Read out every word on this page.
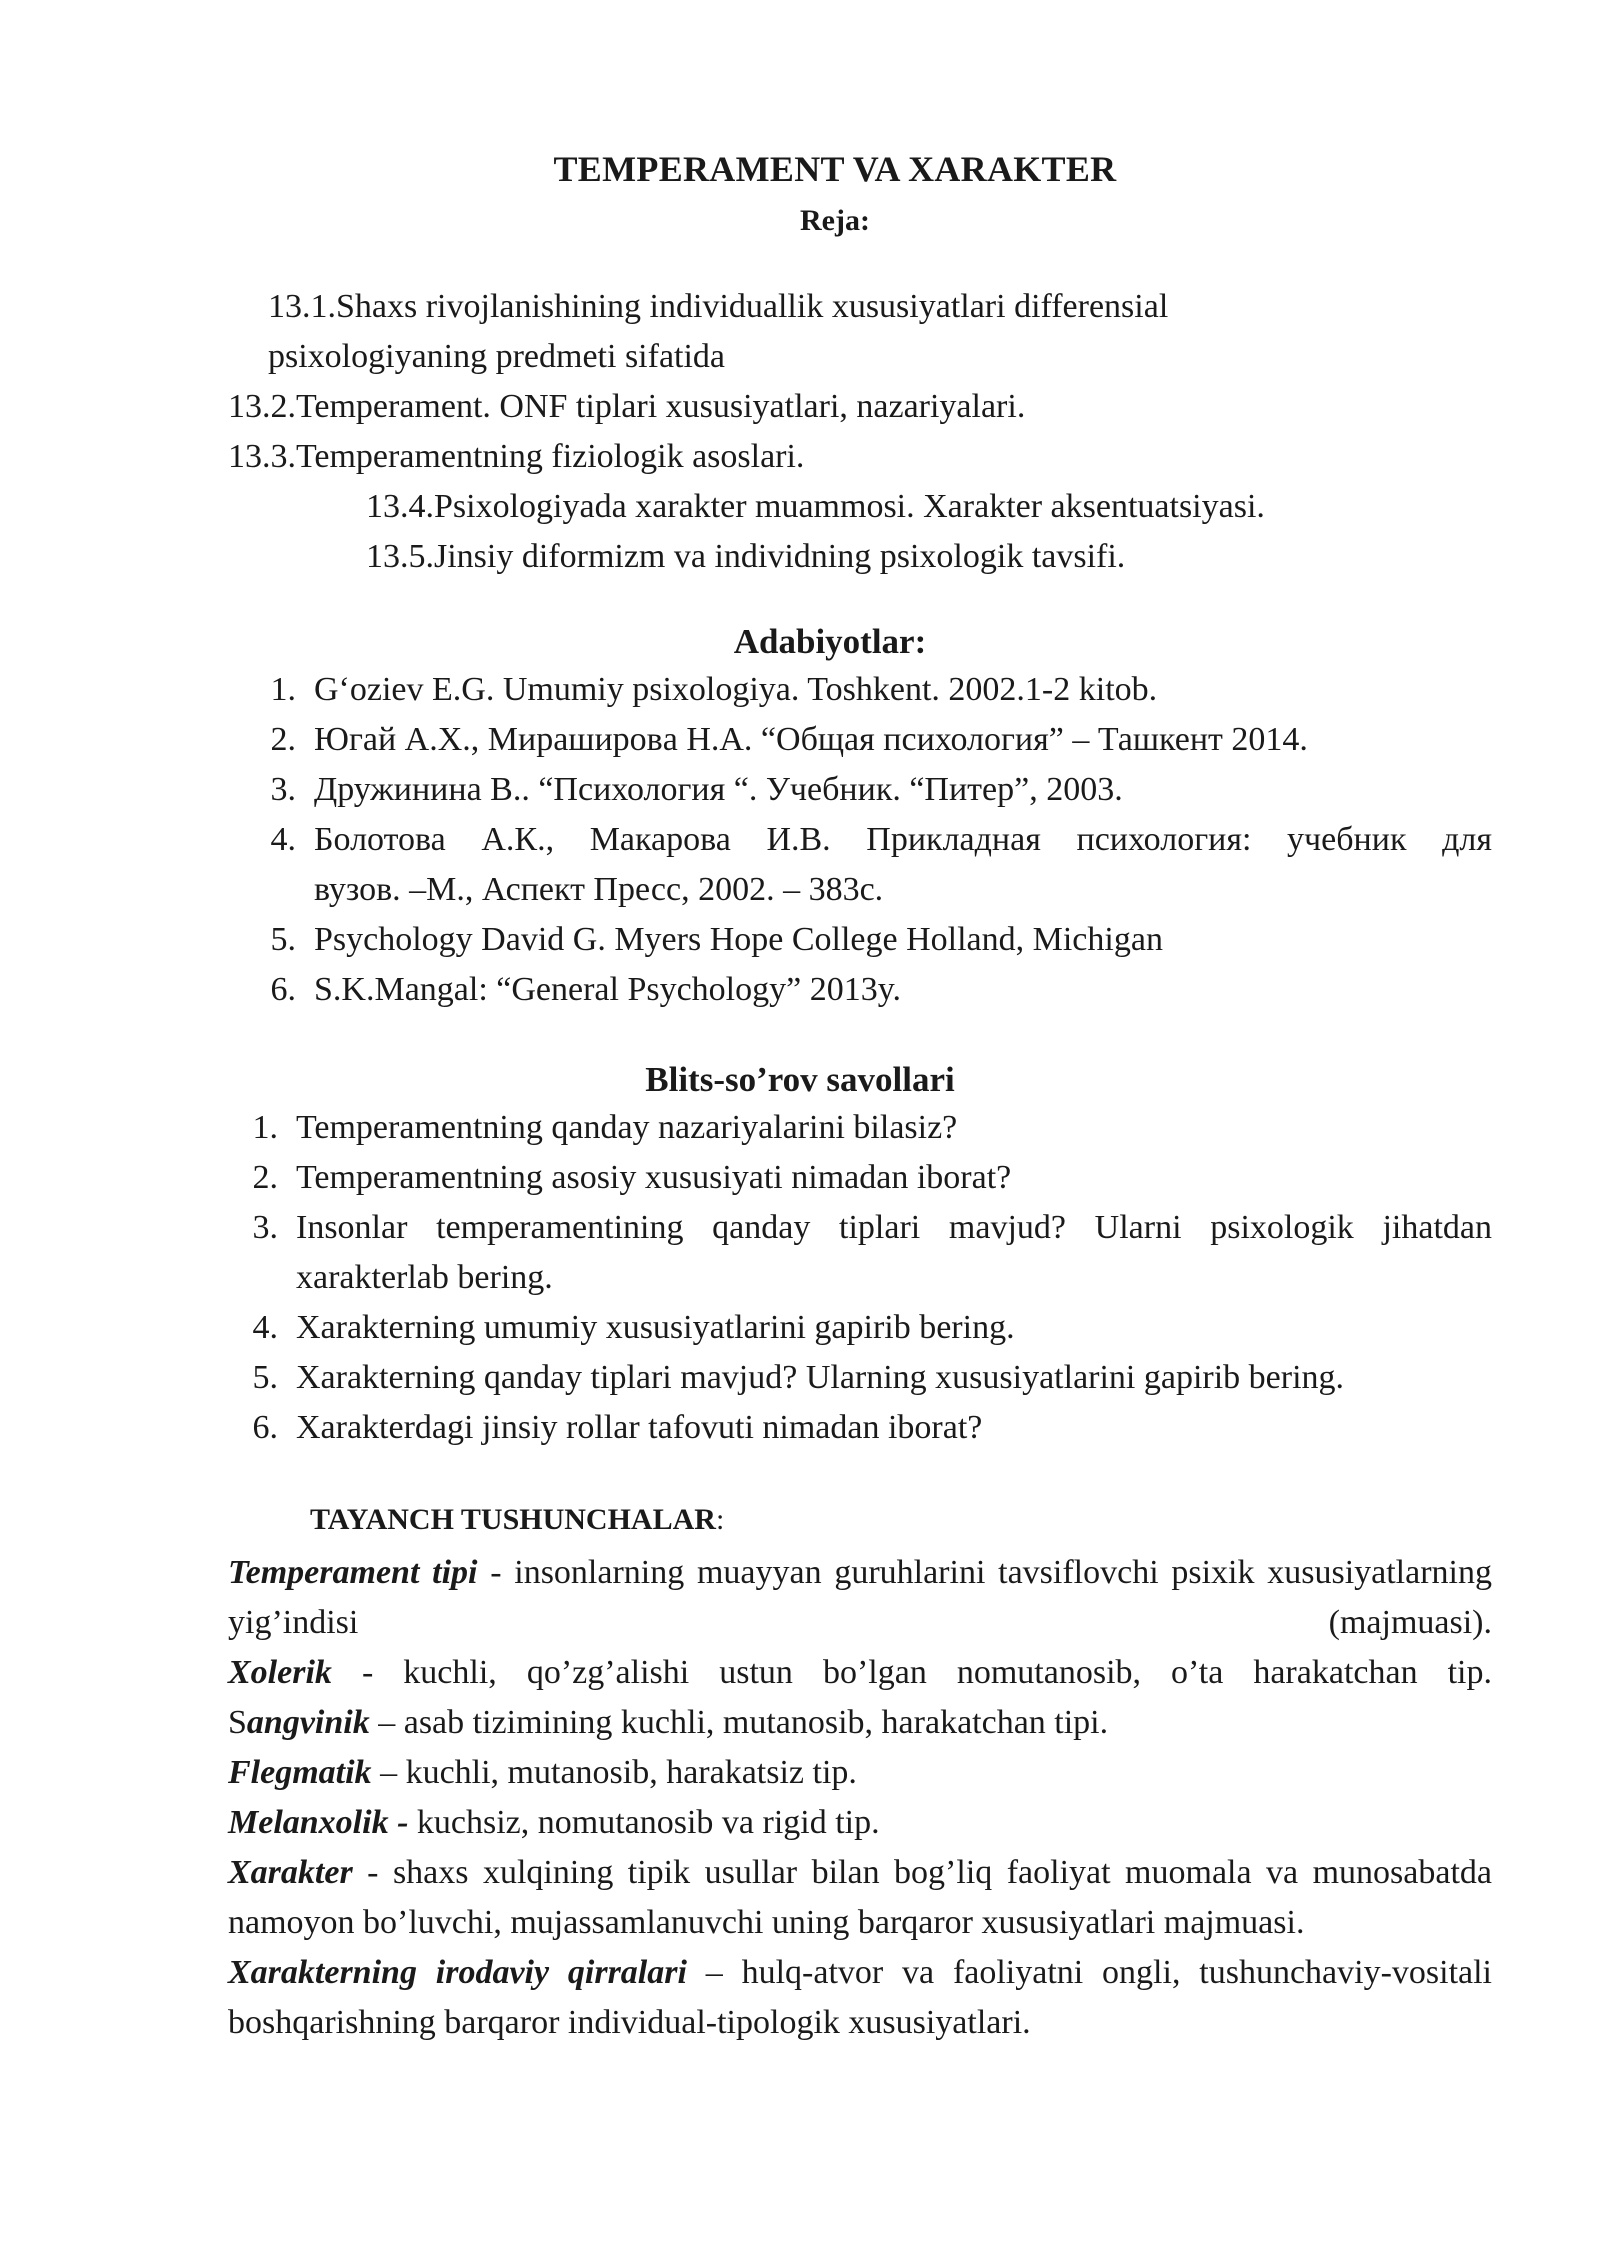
TEMPERAMENT VA XARAKTER
Reja:
13.1.Shaxs rivojlanishining individuallik xususiyatlari differensial
psixologiyaning predmeti sifatida
13.2.Temperament. ONF tiplari xususiyatlari, nazariyalari.
13.3.Temperamentning fiziologik asoslari.
13.4.Psixologiyada xarakter muammosi. Xarakter aksentuatsiyasi.
13.5.Jinsiy diformizm va individning psixologik tavsifi.
Adabiyotlar:
1. G‘oziev E.G. Umumiy psixologiya. Toshkent. 2002.1-2 kitob.
2. Югай А.Х., Мирашировa Н.А. “Общая психология” – Ташкент 2014.
3. Дружинина В.. “Психология “. Учебник. “Питер”, 2003.
4. Болотова А.К., Макарова И.В. Прикладная психология: учебник для
вузов. –М., Аспект Пресс, 2002. – 383с.
5. Psychology David G. Myers Hope College Holland, Michigan
6. S.K.Mangal: “General Psychology” 2013y.
Blits-so’rov savollari
1. Temperamentning qanday nazariyalarini bilasiz?
2. Temperamentning asosiy xususiyati nimadan iborat?
3. Insonlar temperamentining qanday tiplari mavjud? Ularni psixologik jihatdan
xarakterlab bering.
4. Xarakterning umumiy xususiyatlarini gapirib bering.
5. Xarakterning qanday tiplari mavjud? Ularning xususiyatlarini gapirib bering.
6. Xarakterdagi jinsiy rollar tafovuti nimadan iborat?
TAYANCH TUSHUNCHALAR:
Temperament tipi - insonlarning muayyan guruhlarini tavsiflovchi psixik xususiyatlarning yig’indisi (majmuasi).
Xolerik - kuchli, qo’zg’alishi ustun bo’lgan nomutanosib, o’ta harakatchan tip.
Sangvinik – asab tizimining kuchli, mutanosib, harakatchan tipi.
Flegmatik – kuchli, mutanosib, harakatsiz tip.
Melanxolik - kuchsiz, nomutanosib va rigid tip.
Xarakter - shaxs xulqining tipik usullar bilan bog’liq faoliyat muomala va munosabatda namoyon bo’luvchi, mujassamlanuvchi uning barqaror xususiyatlari majmuasi.
Xarakterning irodaviy qirralari – hulq-atvor va faoliyatni ongli, tushunchaviy-vositali boshqarishning barqaror individual-tipologik xususiyatlari.
